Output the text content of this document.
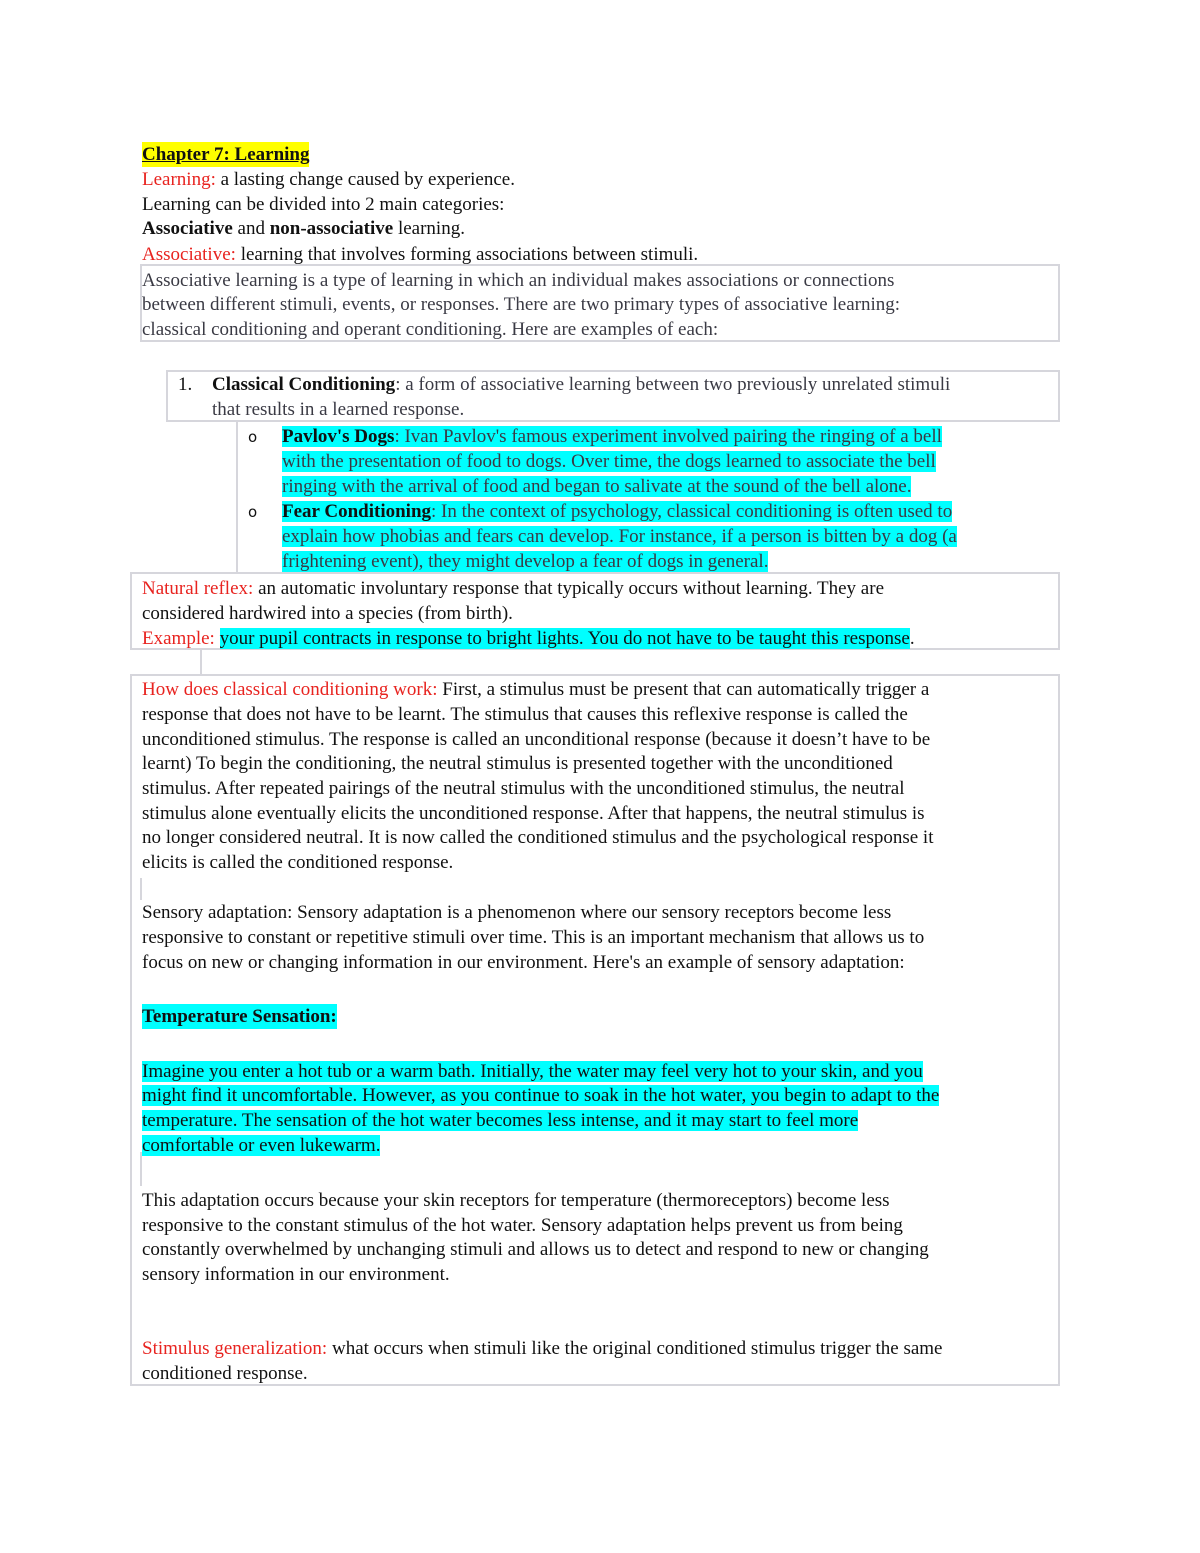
Chapter 7: Learning
Learning: a lasting change caused by experience.
Learning can be divided into 2 main categories:
Associative and non-associative learning.
Associative: learning that involves forming associations between stimuli.
Associative learning is a type of learning in which an individual makes associations or connections
between different stimuli, events, or responses. There are two primary types of associative learning:
classical conditioning and operant conditioning. Here are examples of each:
1. Classical Conditioning: a form of associative learning between two previously unrelated stimuli
that results in a learned response.
o Pavlov's Dogs: Ivan Pavlov's famous experiment involved pairing the ringing of a bell
with the presentation of food to dogs. Over time, the dogs learned to associate the bell
ringing with the arrival of food and began to salivate at the sound of the bell alone.
o Fear Conditioning: In the context of psychology, classical conditioning is often used to
explain how phobias and fears can develop. For instance, if a person is bitten by a dog (a
frightening event), they might develop a fear of dogs in general.
Natural reflex: an automatic involuntary response that typically occurs without learning. They are
considered hardwired into a species (from birth).
Example: your pupil contracts in response to bright lights. You do not have to be taught this response.
How does classical conditioning work: First, a stimulus must be present that can automatically trigger a
response that does not have to be learnt. The stimulus that causes this reflexive response is called the
unconditioned stimulus. The response is called an unconditional response (because it doesn’t have to be
learnt) To begin the conditioning, the neutral stimulus is presented together with the unconditioned
stimulus. After repeated pairings of the neutral stimulus with the unconditioned stimulus, the neutral
stimulus alone eventually elicits the unconditioned response. After that happens, the neutral stimulus is
no longer considered neutral. It is now called the conditioned stimulus and the psychological response it
elicits is called the conditioned response.
Sensory adaptation: Sensory adaptation is a phenomenon where our sensory receptors become less
responsive to constant or repetitive stimuli over time. This is an important mechanism that allows us to
focus on new or changing information in our environment. Here's an example of sensory adaptation:
Temperature Sensation:
Imagine you enter a hot tub or a warm bath. Initially, the water may feel very hot to your skin, and you
might find it uncomfortable. However, as you continue to soak in the hot water, you begin to adapt to the
temperature. The sensation of the hot water becomes less intense, and it may start to feel more
comfortable or even lukewarm.
This adaptation occurs because your skin receptors for temperature (thermoreceptors) become less
responsive to the constant stimulus of the hot water. Sensory adaptation helps prevent us from being
constantly overwhelmed by unchanging stimuli and allows us to detect and respond to new or changing
sensory information in our environment.
Stimulus generalization: what occurs when stimuli like the original conditioned stimulus trigger the same
conditioned response.
